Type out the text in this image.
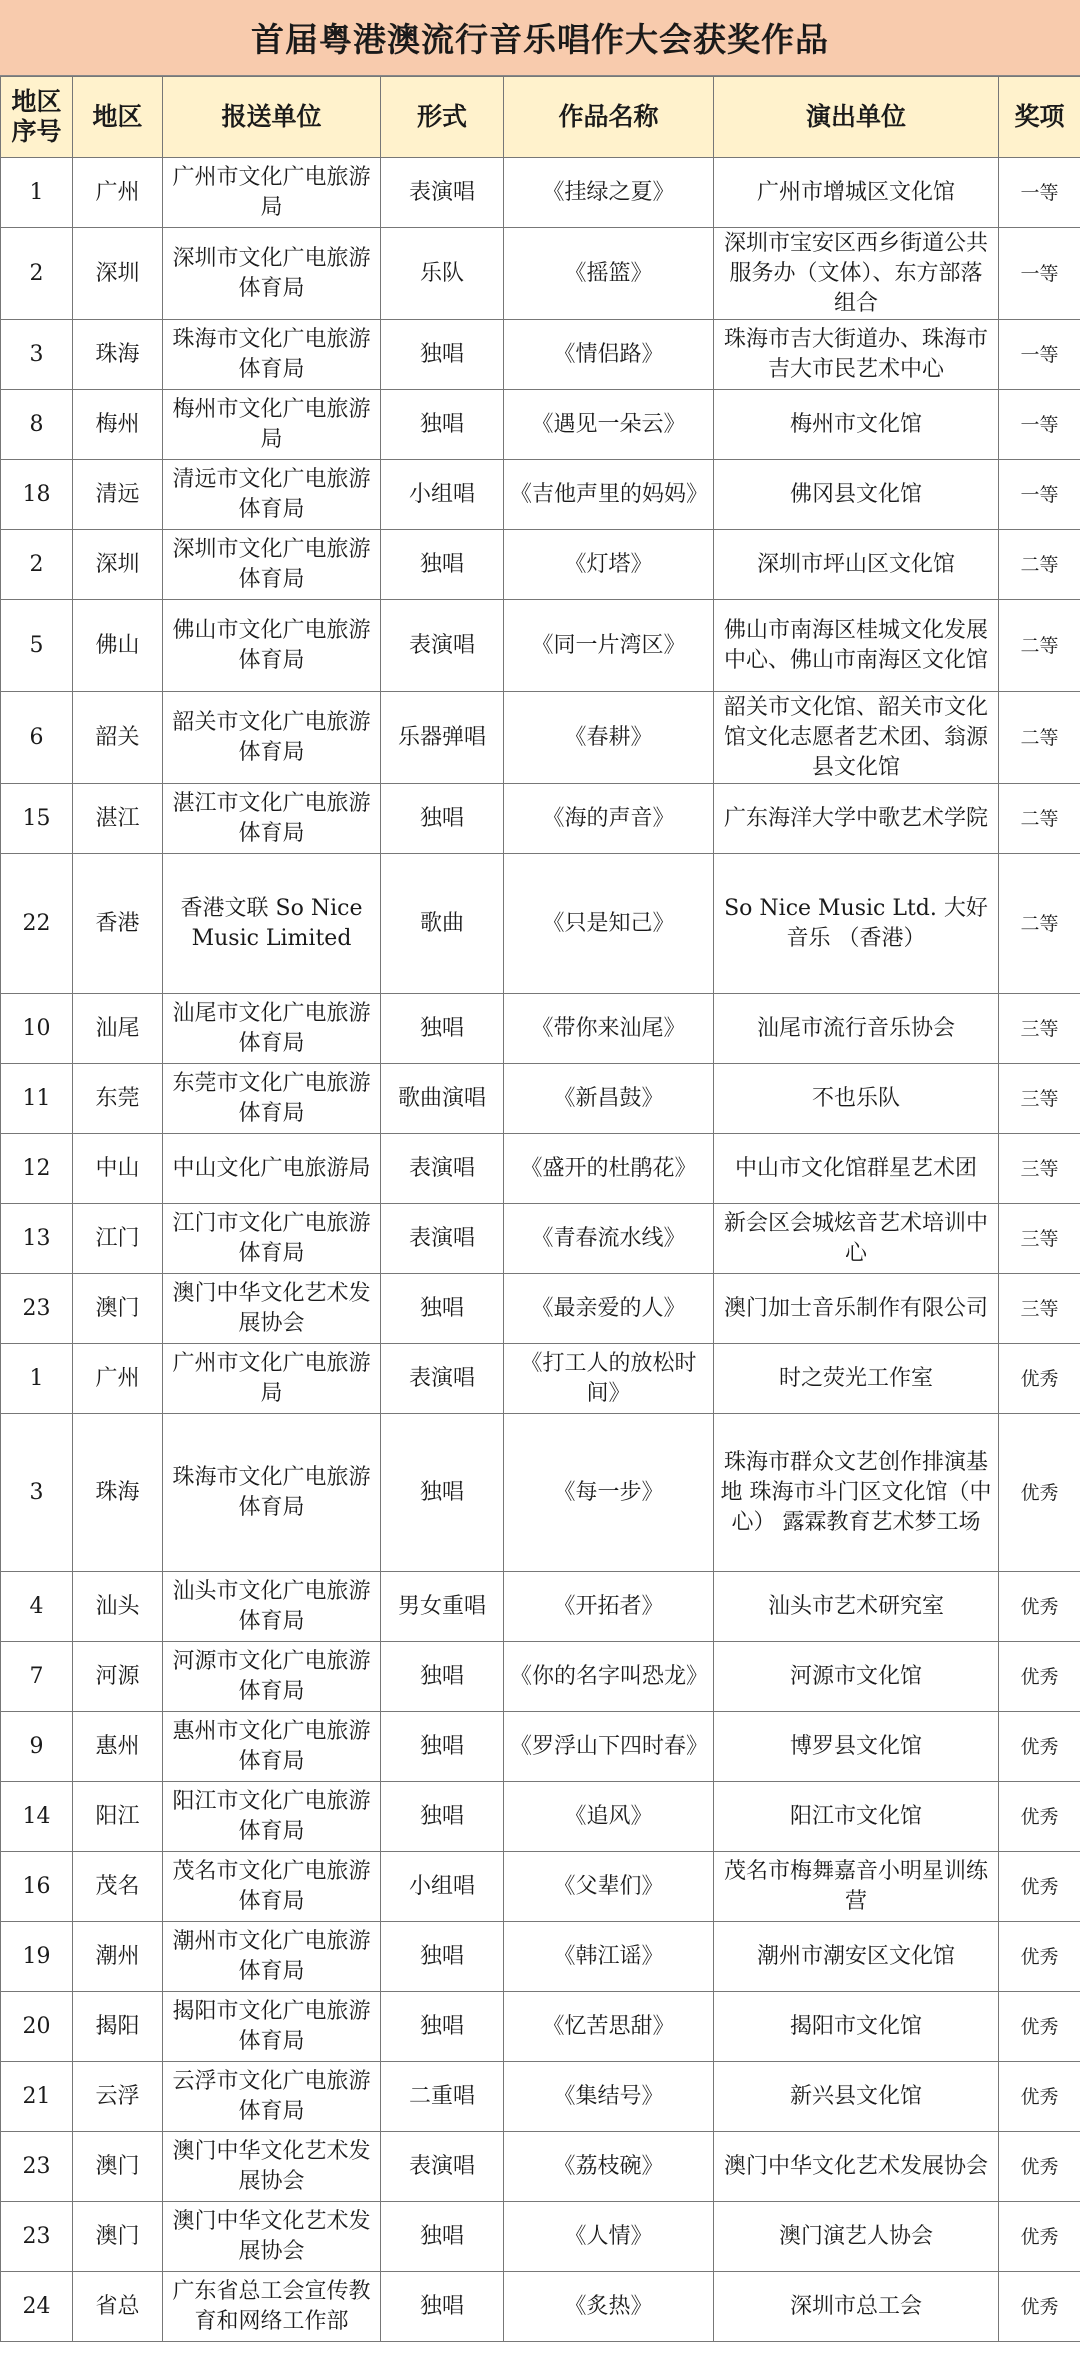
首届粤港澳流行音乐唱作大会获奖作品
地区序号	地区	报送单位	形式	作品名称	演出单位	奖项
1	广州	广州市文化广电旅游局	表演唱	《挂绿之夏》	广州市增城区文化馆	一等
2	深圳	深圳市文化广电旅游体育局	乐队	《摇篮》	深圳市宝安区西乡街道公共服务办（文体）、东方部落组合	一等
3	珠海	珠海市文化广电旅游体育局	独唱	《情侣路》	珠海市吉大街道办、珠海市吉大市民艺术中心	一等
8	梅州	梅州市文化广电旅游局	独唱	《遇见一朵云》	梅州市文化馆	一等
18	清远	清远市文化广电旅游体育局	小组唱	《吉他声里的妈妈》	佛冈县文化馆	一等
2	深圳	深圳市文化广电旅游体育局	独唱	《灯塔》	深圳市坪山区文化馆	二等
5	佛山	佛山市文化广电旅游体育局	表演唱	《同一片湾区》	佛山市南海区桂城文化发展中心、佛山市南海区文化馆	二等
6	韶关	韶关市文化广电旅游体育局	乐器弹唱	《春耕》	韶关市文化馆、韶关市文化馆文化志愿者艺术团、翁源县文化馆	二等
15	湛江	湛江市文化广电旅游体育局	独唱	《海的声音》	广东海洋大学中歌艺术学院	二等
22	香港	香港文联 So Nice Music Limited	歌曲	《只是知己》	So Nice Music Ltd. 大好音乐 （香港）	二等
10	汕尾	汕尾市文化广电旅游体育局	独唱	《带你来汕尾》	汕尾市流行音乐协会	三等
11	东莞	东莞市文化广电旅游体育局	歌曲演唱	《新昌鼓》	不也乐队	三等
12	中山	中山文化广电旅游局	表演唱	《盛开的杜鹃花》	中山市文化馆群星艺术团	三等
13	江门	江门市文化广电旅游体育局	表演唱	《青春流水线》	新会区会城炫音艺术培训中心	三等
23	澳门	澳门中华文化艺术发展协会	独唱	《最亲爱的人》	澳门加士音乐制作有限公司	三等
1	广州	广州市文化广电旅游局	表演唱	《打工人的放松时间》	时之荧光工作室	优秀
3	珠海	珠海市文化广电旅游体育局	独唱	《每一步》	珠海市群众文艺创作排演基地 珠海市斗门区文化馆（中心） 露霖教育艺术梦工场	优秀
4	汕头	汕头市文化广电旅游体育局	男女重唱	《开拓者》	汕头市艺术研究室	优秀
7	河源	河源市文化广电旅游体育局	独唱	《你的名字叫恐龙》	河源市文化馆	优秀
9	惠州	惠州市文化广电旅游体育局	独唱	《罗浮山下四时春》	博罗县文化馆	优秀
14	阳江	阳江市文化广电旅游体育局	独唱	《追风》	阳江市文化馆	优秀
16	茂名	茂名市文化广电旅游体育局	小组唱	《父辈们》	茂名市梅舞嘉音小明星训练营	优秀
19	潮州	潮州市文化广电旅游体育局	独唱	《韩江谣》	潮州市潮安区文化馆	优秀
20	揭阳	揭阳市文化广电旅游体育局	独唱	《忆苦思甜》	揭阳市文化馆	优秀
21	云浮	云浮市文化广电旅游体育局	二重唱	《集结号》	新兴县文化馆	优秀
23	澳门	澳门中华文化艺术发展协会	表演唱	《荔枝碗》	澳门中华文化艺术发展协会	优秀
23	澳门	澳门中华文化艺术发展协会	独唱	《人情》	澳门演艺人协会	优秀
24	省总	广东省总工会宣传教育和网络工作部	独唱	《炙热》	深圳市总工会	优秀
